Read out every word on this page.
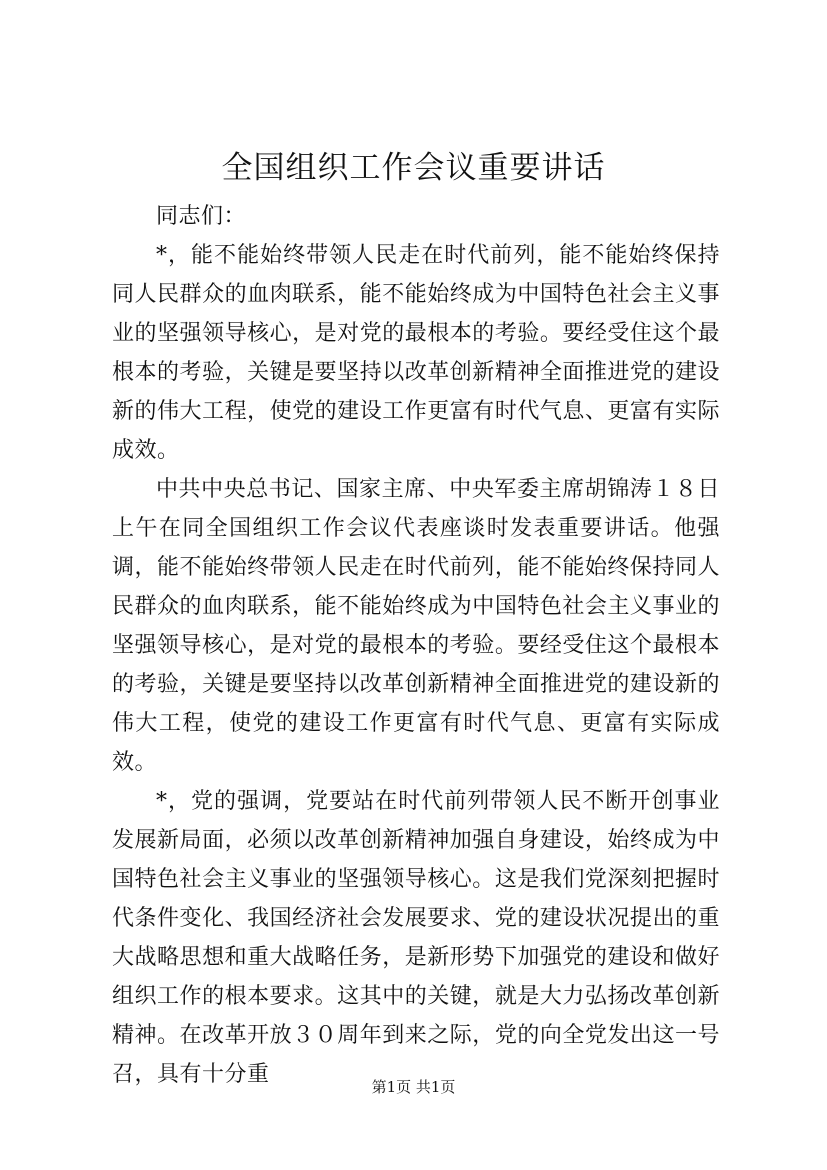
全国组织工作会议重要讲话
同志们：

*，能不能始终带领人民走在时代前列，能不能始终保持同人民群众的血肉联系，能不能始终成为中国特色社会主义事业的坚强领导核心，是对党的最根本的考验。要经受住这个最根本的考验，关键是要坚持以改革创新精神全面推进党的建设新的伟大工程，使党的建设工作更富有时代气息、更富有实际成效。

中共中央总书记、国家主席、中央军委主席胡锦涛１８日上午在同全国组织工作会议代表座谈时发表重要讲话。他强调，能不能始终带领人民走在时代前列，能不能始终保持同人民群众的血肉联系，能不能始终成为中国特色社会主义事业的坚强领导核心，是对党的最根本的考验。要经受住这个最根本的考验，关键是要坚持以改革创新精神全面推进党的建设新的伟大工程，使党的建设工作更富有时代气息、更富有实际成效。

*，党的强调，党要站在时代前列带领人民不断开创事业发展新局面，必须以改革创新精神加强自身建设，始终成为中国特色社会主义事业的坚强领导核心。这是我们党深刻把握时代条件变化、我国经济社会发展要求、党的建设状况提出的重大战略思想和重大战略任务，是新形势下加强党的建设和做好组织工作的根本要求。这其中的关键，就是大力弘扬改革创新精神。在改革开放３０周年到来之际，党的向全党发出这一号召，具有十分重	第1页 共1页
